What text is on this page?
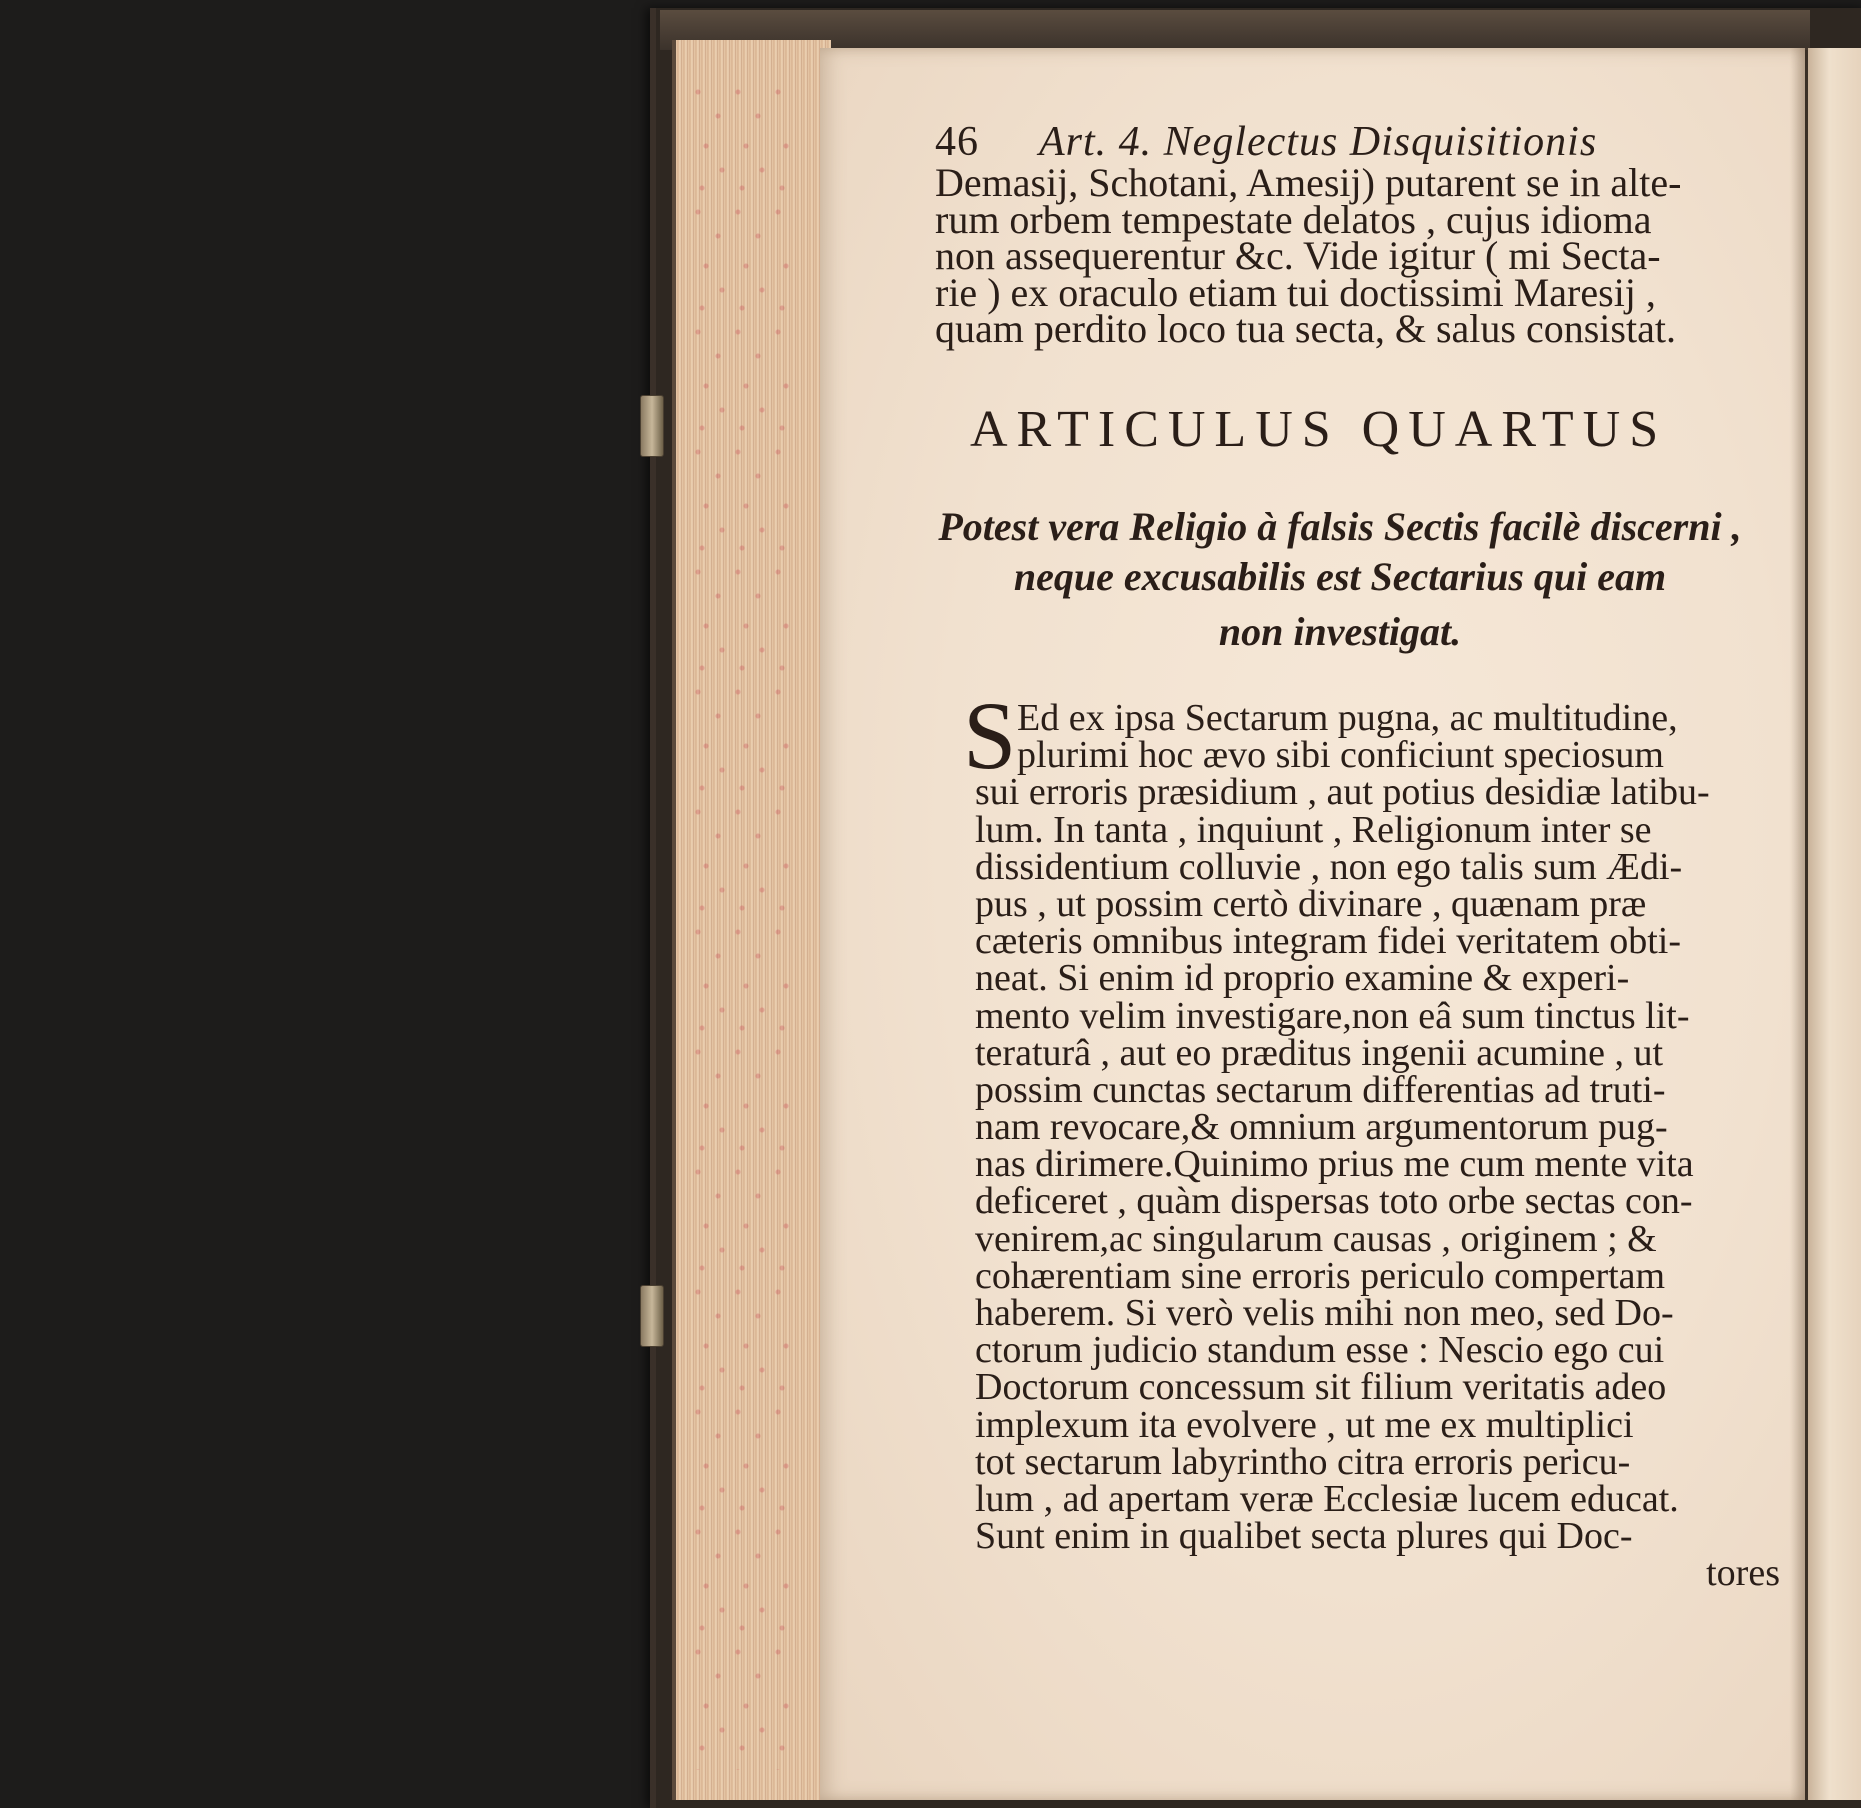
46 Art. 4. Neglectus Disquisitionis
Demasij, Schotani, Amesij) putarent se in alte-
rum orbem tempestate delatos , cujus idioma
non assequerentur &c. Vide igitur ( mi Secta-
rie ) ex oraculo etiam tui doctissimi Maresij ,
quam perdito loco tua secta, & salus consistat.
ARTICULUS QUARTUS
Potest vera Religio à falsis Sectis facilè discerni ,
neque excusabilis est Sectarius qui eam
non investigat.
S Ed ex ipsa Sectarum pugna, ac multitudine,
plurimi hoc ævo sibi conficiunt speciosum
sui erroris præsidium , aut potius desidiæ latibu-
lum. In tanta , inquiunt , Religionum inter se
dissidentium colluvie , non ego talis sum Ædi-
pus , ut possim certò divinare , quænam præ
cæteris omnibus integram fidei veritatem obti-
neat. Si enim id proprio examine & experi-
mento velim investigare,non eâ sum tinctus lit-
teraturâ , aut eo præditus ingenii acumine , ut
possim cunctas sectarum differentias ad truti-
nam revocare,& omnium argumentorum pug-
nas dirimere.Quinimo prius me cum mente vita
deficeret , quàm dispersas toto orbe sectas con-
venirem,ac singularum causas , originem ; &
cohærentiam sine erroris periculo compertam
haberem. Si verò velis mihi non meo, sed Do-
ctorum judicio standum esse : Nescio ego cui
Doctorum concessum sit filium veritatis adeo
implexum ita evolvere , ut me ex multiplici
tot sectarum labyrintho citra erroris pericu-
lum , ad apertam veræ Ecclesiæ lucem educat.
Sunt enim in qualibet secta plures qui Doc-
tores
